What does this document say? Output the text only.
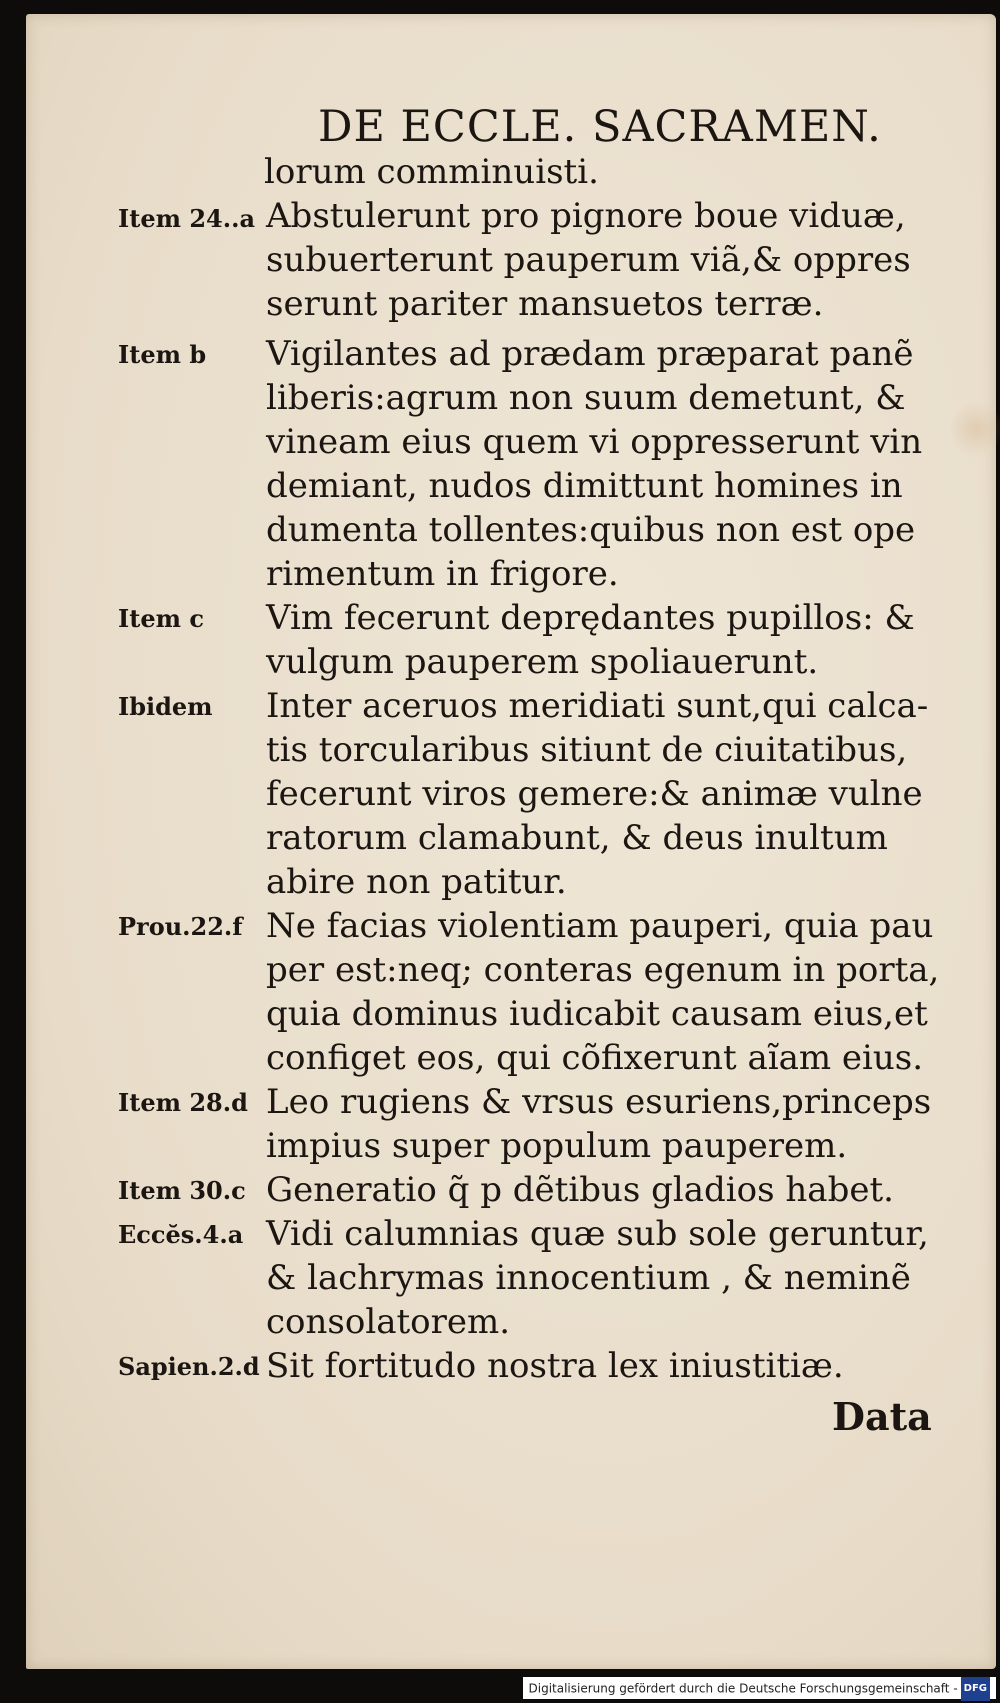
DE ECCLE. SACRAMEN.
lorum comminuisti.
Item 24..a Abstulerunt pro pignore boue viduæ,
subuerterunt pauperum viã,& oppres
serunt pariter mansuetos terræ.
Item b	Vigilantes ad prædam præparat panẽ
liberis:agrum non suum demetunt, &
vineam eius quem vi oppresserunt vin
demiant, nudos dimittunt homines in
dumenta tollentes:quibus non est ope
rimentum in frigore.
Item c	Vim fecerunt deprędantes pupillos: &
vulgum pauperem spoliauerunt.
Ibidem	Inter aceruos meridiati sunt,qui calca-
tis torcularibus sitiunt de ciuitatibus,
fecerunt viros gemere:& animæ vulne
ratorum clamabunt, & deus inultum
abire non patitur.
Prou.22.f Ne facias violentiam pauperi, quia pau
per est:neq; conteras egenum in porta,
quia dominus iudicabit causam eius,et
configet eos, qui cõfixerunt aĩam eius.
Item 28.d Leo rugiens & vrsus esuriens,princeps
impius super populum pauperem.
Item 30.c Generatio q̃ p dẽtibus gladios habet.
Eccĕs.4.a Vidi calumnias quæ sub sole geruntur,
& lachrymas innocentium , & neminẽ
consolatorem.
Sapien.2.d Sit fortitudo nostra lex iniustitiæ.
Data
Digitalisierung gefördert durch die Deutsche Forschungsgemeinschaft - DFG
